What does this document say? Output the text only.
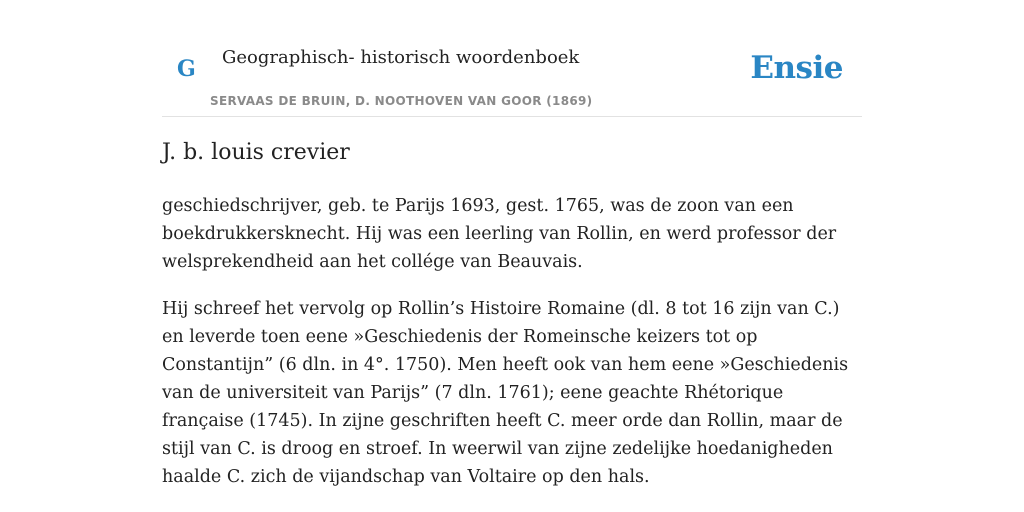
G Geographisch- historisch woordenboek
SERVAAS DE BRUIN, D. NOOTHOVEN VAN GOOR (1869)
Ensie
J. b. louis crevier

geschiedschrijver, geb. te Parijs 1693, gest. 1765, was de zoon van een boekdrukkersknecht. Hij was een leerling van Rollin, en werd professor der welsprekendheid aan het collége van Beauvais.

Hij schreef het vervolg op Rollin’s Histoire Romaine (dl. 8 tot 16 zijn van C.) en leverde toen eene »Geschiedenis der Romeinsche keizers tot op Constantijn” (6 dln. in 4°. 1750). Men heeft ook van hem eene »Geschiedenis van de universiteit van Parijs” (7 dln. 1761); eene geachte Rhétorique française (1745). In zijne geschriften heeft C. meer orde dan Rollin, maar de stijl van C. is droog en stroef. In weerwil van zijne zedelijke hoedanigheden haalde C. zich de vijandschap van Voltaire op den hals.
